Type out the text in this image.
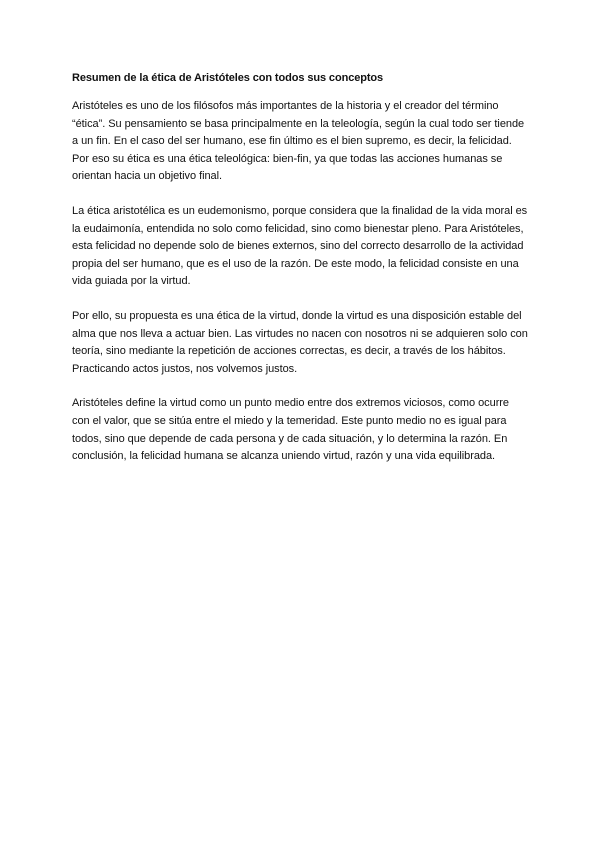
Resumen de la ética de Aristóteles con todos sus conceptos

Aristóteles es uno de los filósofos más importantes de la historia y el creador del término “ética”. Su pensamiento se basa principalmente en la teleología, según la cual todo ser tiende a un fin. En el caso del ser humano, ese fin último es el bien supremo, es decir, la felicidad. Por eso su ética es una ética teleológica: bien-fin, ya que todas las acciones humanas se orientan hacia un objetivo final.

La ética aristotélica es un eudemonismo, porque considera que la finalidad de la vida moral es la eudaimonía, entendida no solo como felicidad, sino como bienestar pleno. Para Aristóteles, esta felicidad no depende solo de bienes externos, sino del correcto desarrollo de la actividad propia del ser humano, que es el uso de la razón. De este modo, la felicidad consiste en una vida guiada por la virtud.

Por ello, su propuesta es una ética de la virtud, donde la virtud es una disposición estable del alma que nos lleva a actuar bien. Las virtudes no nacen con nosotros ni se adquieren solo con teoría, sino mediante la repetición de acciones correctas, es decir, a través de los hábitos. Practicando actos justos, nos volvemos justos.

Aristóteles define la virtud como un punto medio entre dos extremos viciosos, como ocurre con el valor, que se sitúa entre el miedo y la temeridad. Este punto medio no es igual para todos, sino que depende de cada persona y de cada situación, y lo determina la razón. En conclusión, la felicidad humana se alcanza uniendo virtud, razón y una vida equilibrada.
